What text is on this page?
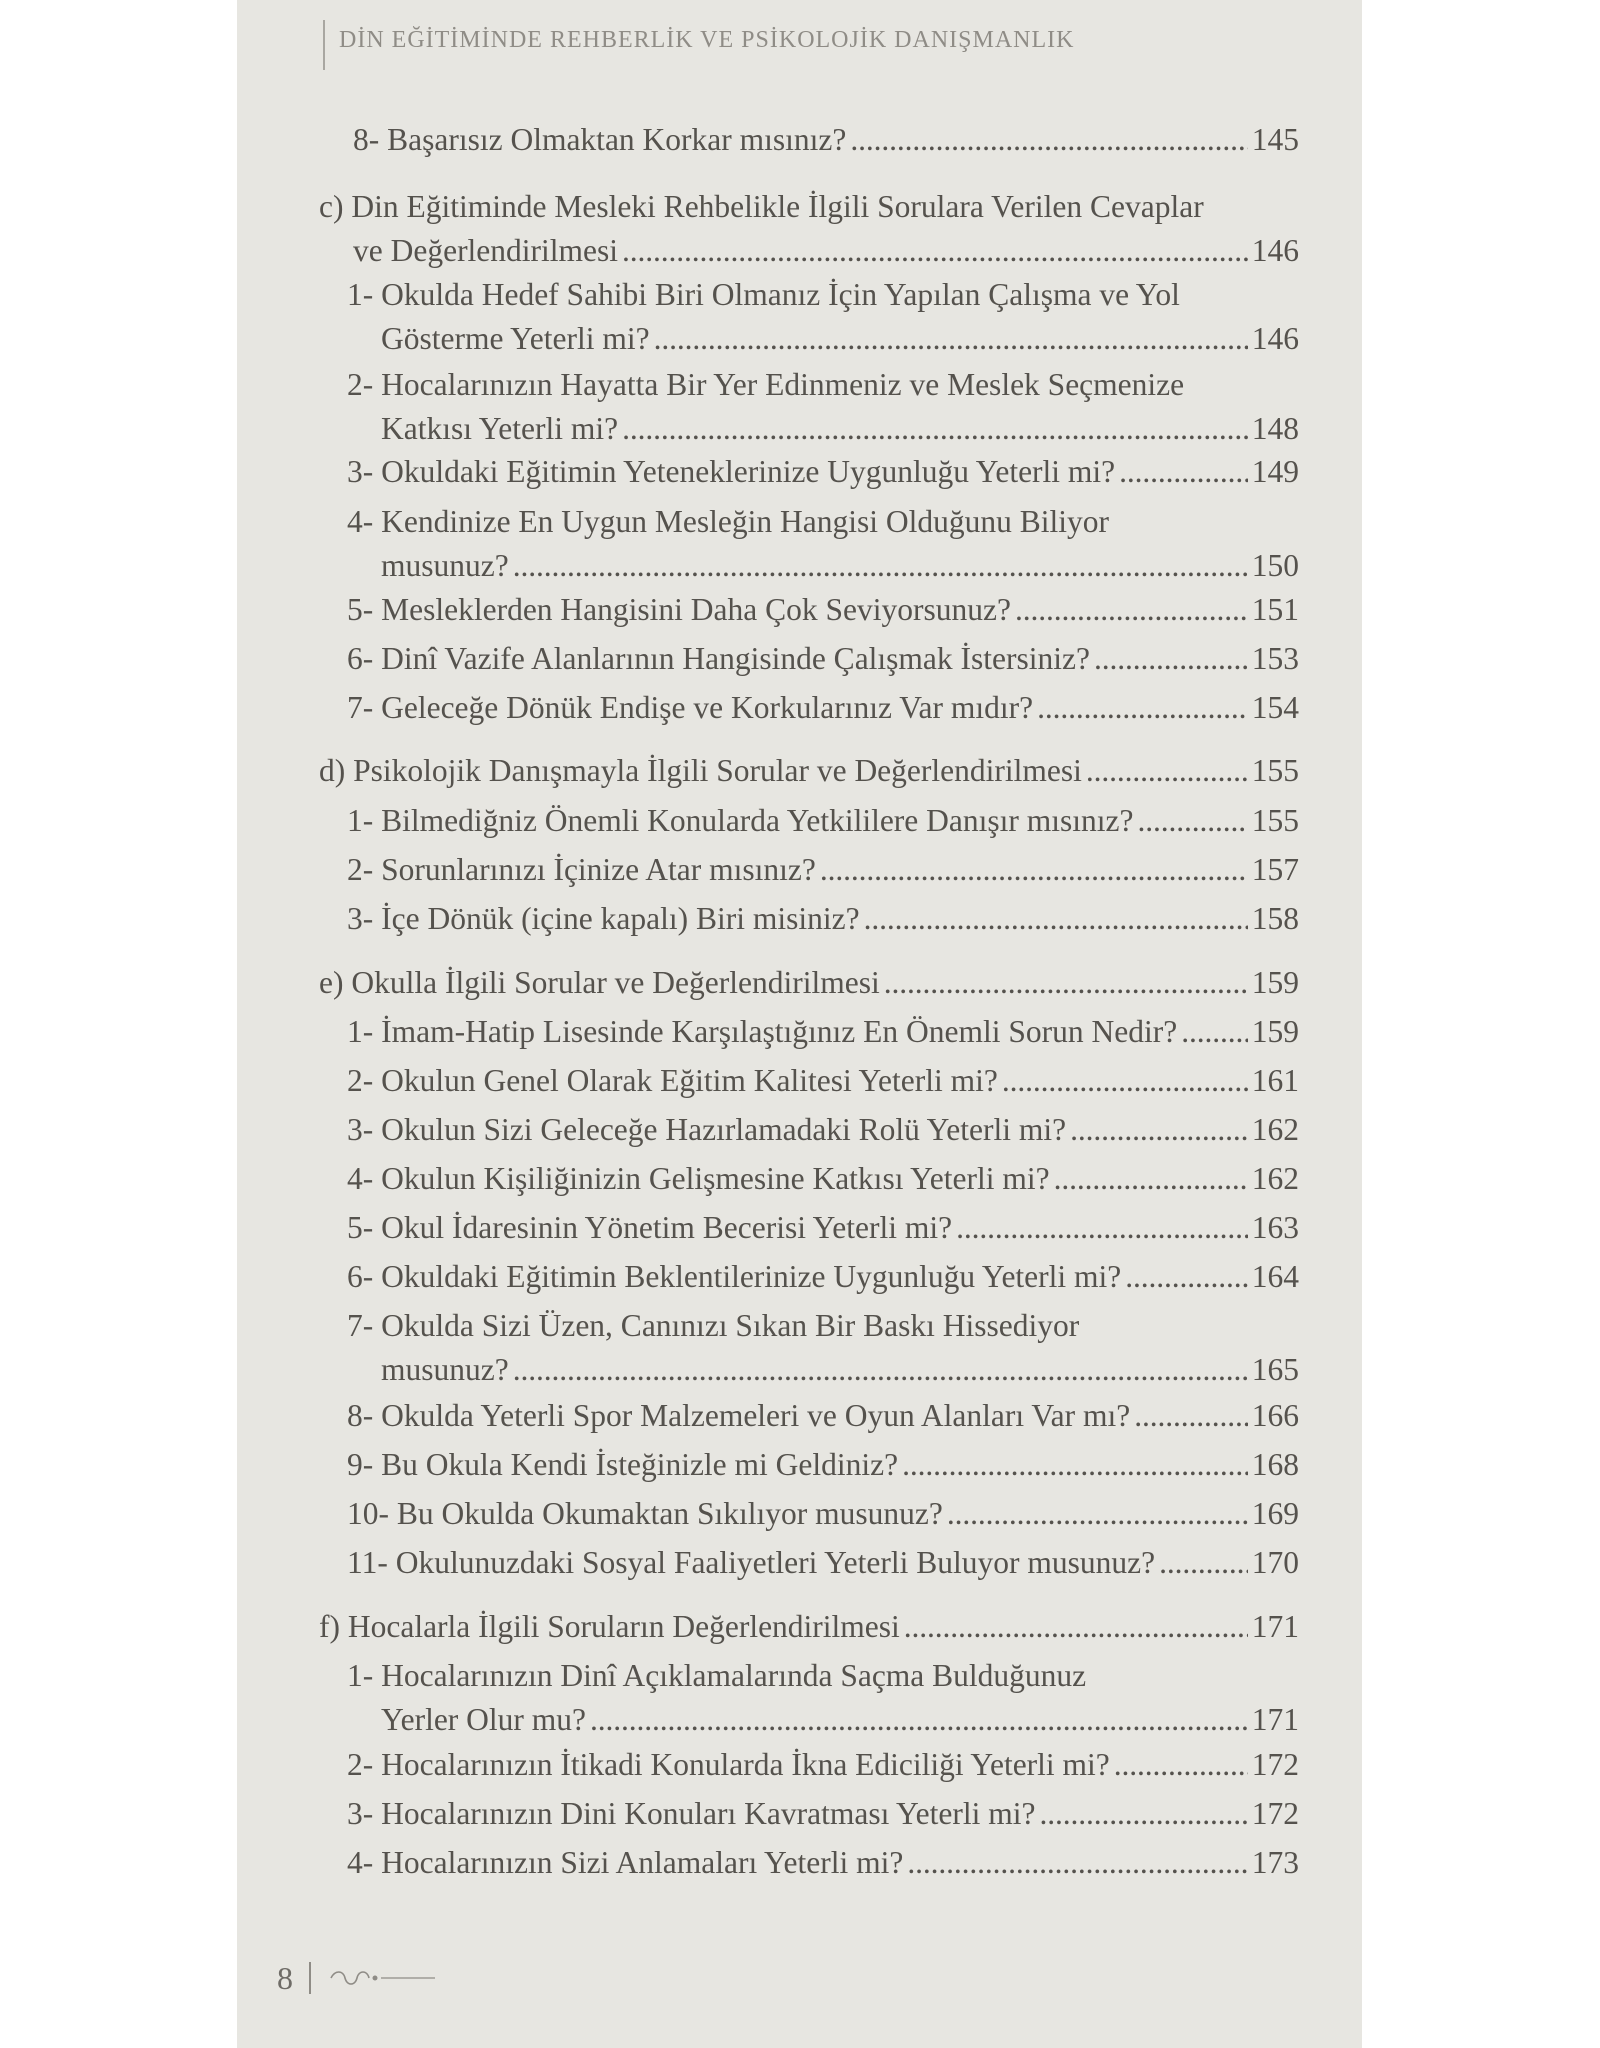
DİN EĞİTİMİNDE REHBERLİK VE PSİKOLOJİK DANIŞMANLIK
8- Başarısız Olmaktan Korkar mısınız? . . .	145
c) Din Eğitiminde Mesleki Rehbelikle İlgili Sorulara Verilen Cevaplar
ve Değerlendirilmesi . . .	146
1- Okulda Hedef Sahibi Biri Olmanız İçin Yapılan Çalışma ve Yol
Gösterme Yeterli mi? . . .	146
2- Hocalarınızın Hayatta Bir Yer Edinmeniz ve Meslek Seçmenize
Katkısı Yeterli mi? . . .	148
3- Okuldaki Eğitimin Yeteneklerinize Uygunluğu Yeterli mi? . . .	149
4- Kendinize En Uygun Mesleğin Hangisi Olduğunu Biliyor
musunuz? . . .	150
5- Mesleklerden Hangisini Daha Çok Seviyorsunuz? . . .	151
6- Dinî Vazife Alanlarının Hangisinde Çalışmak İstersiniz? . . .	153
7- Geleceğe Dönük Endişe ve Korkularınız Var mıdır? . . .	154
d) Psikolojik Danışmayla İlgili Sorular ve Değerlendirilmesi . . .	155
1- Bilmediğniz Önemli Konularda Yetkililere Danışır mısınız? . . .	155
2- Sorunlarınızı İçinize Atar mısınız? . . .	157
3- İçe Dönük (içine kapalı) Biri misiniz? . . .	158
e) Okulla İlgili Sorular ve Değerlendirilmesi . . .	159
1- İmam-Hatip Lisesinde Karşılaştığınız En Önemli Sorun Nedir? . . . 159
2- Okulun Genel Olarak Eğitim Kalitesi Yeterli mi? . . .	161
3- Okulun Sizi Geleceğe Hazırlamadaki Rolü Yeterli mi? . . .	162
4- Okulun Kişiliğinizin Gelişmesine Katkısı Yeterli mi? . . .	162
5- Okul İdaresinin Yönetim Becerisi Yeterli mi? . . .	163
6- Okuldaki Eğitimin Beklentilerinize Uygunluğu Yeterli mi? . . .	164
7- Okulda Sizi Üzen, Canınızı Sıkan Bir Baskı Hissediyor
musunuz? . . .	165
8- Okulda Yeterli Spor Malzemeleri ve Oyun Alanları Var mı? . . .	166
9- Bu Okula Kendi İsteğinizle mi Geldiniz? . . .	168
10- Bu Okulda Okumaktan Sıkılıyor musunuz? . . .	169
11- Okulunuzdaki Sosyal Faaliyetleri Yeterli Buluyor musunuz? . . .	170
f) Hocalarla İlgili Soruların Değerlendirilmesi . . .	171
1- Hocalarınızın Dinî Açıklamalarında Saçma Bulduğunuz
Yerler Olur mu? . . .	171
2- Hocalarınızın İtikadi Konularda İkna Ediciliği Yeterli mi? . . .	172
3- Hocalarınızın Dini Konuları Kavratması Yeterli mi? . . .	172
4- Hocalarınızın Sizi Anlamaları Yeterli mi? . . .	173
8
